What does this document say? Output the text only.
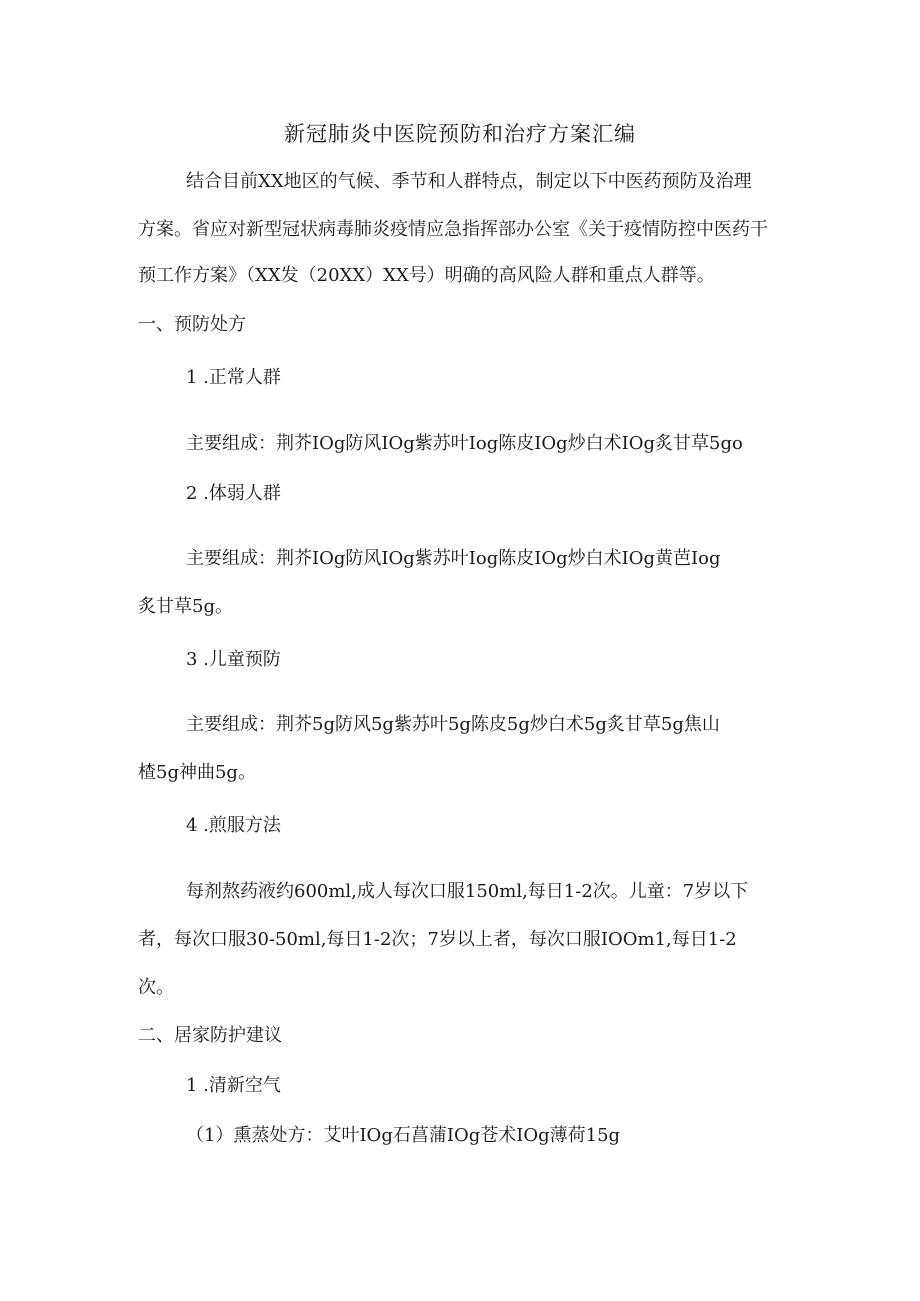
新冠肺炎中医院预防和治疗方案汇编
结合目前XX地区的气候、季节和人群特点，制定以下中医药预防及治理
方案。省应对新型冠状病毒肺炎疫情应急指挥部办公室《关于疫情防控中医药干
预工作方案》（XX发（20XX）XX号）明确的高风险人群和重点人群等。
一、预防处方
1 .正常人群
主要组成：荆芥IOg防风IOg紫苏叶Iog陈皮IOg炒白术IOg炙甘草5go
2 .体弱人群
主要组成：荆芥IOg防风IOg紫苏叶Iog陈皮IOg炒白术IOg黄芭Iog
炙甘草5g。
3 .儿童预防
主要组成：荆芥5g防风5g紫苏叶5g陈皮5g炒白术5g炙甘草5g焦山
楂5g神曲5g。
4 .煎服方法
每剂熬药液约600ml,成人每次口服150ml,每日1-2次。儿童：7岁以下
者，每次口服30-50ml,每日1-2次；7岁以上者，每次口服IOOm1,每日1-2
次。
二、居家防护建议
1 .清新空气
（1）熏蒸处方：艾叶IOg石菖蒲IOg苍术IOg薄荷15g
